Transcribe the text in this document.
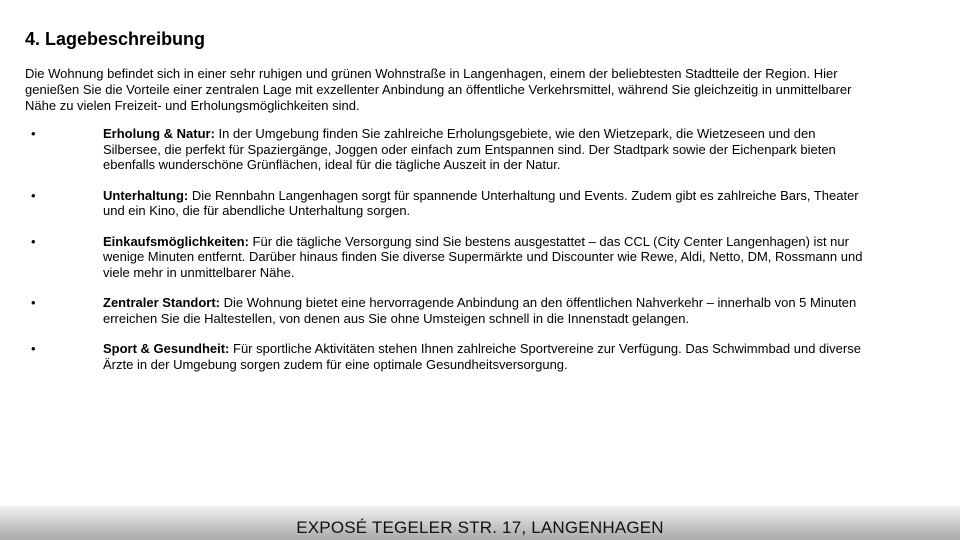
4. Lagebeschreibung

Die Wohnung befindet sich in einer sehr ruhigen und grünen Wohnstraße in Langenhagen, einem der beliebtesten Stadtteile der Region. Hier genießen Sie die Vorteile einer zentralen Lage mit exzellenter Anbindung an öffentliche Verkehrsmittel, während Sie gleichzeitig in unmittelbarer Nähe zu vielen Freizeit- und Erholungsmöglichkeiten sind.

•	Erholung & Natur: In der Umgebung finden Sie zahlreiche Erholungsgebiete, wie den Wietzepark, die Wietzeseen und den Silbersee, die perfekt für Spaziergänge, Joggen oder einfach zum Entspannen sind. Der Stadtpark sowie der Eichenpark bieten ebenfalls wunderschöne Grünflächen, ideal für die tägliche Auszeit in der Natur.
•	Unterhaltung: Die Rennbahn Langenhagen sorgt für spannende Unterhaltung und Events. Zudem gibt es zahlreiche Bars, Theater und ein Kino, die für abendliche Unterhaltung sorgen.
•	Einkaufsmöglichkeiten: Für die tägliche Versorgung sind Sie bestens ausgestattet – das CCL (City Center Langenhagen) ist nur wenige Minuten entfernt. Darüber hinaus finden Sie diverse Supermärkte und Discounter wie Rewe, Aldi, Netto, DM, Rossmann und viele mehr in unmittelbarer Nähe.
•	Zentraler Standort: Die Wohnung bietet eine hervorragende Anbindung an den öffentlichen Nahverkehr – innerhalb von 5 Minuten erreichen Sie die Haltestellen, von denen aus Sie ohne Umsteigen schnell in die Innenstadt gelangen.
•	Sport & Gesundheit: Für sportliche Aktivitäten stehen Ihnen zahlreiche Sportvereine zur Verfügung. Das Schwimmbad und diverse Ärzte in der Umgebung sorgen zudem für eine optimale Gesundheitsversorgung.
EXPOSÉ TEGELER STR. 17, LANGENHAGEN
